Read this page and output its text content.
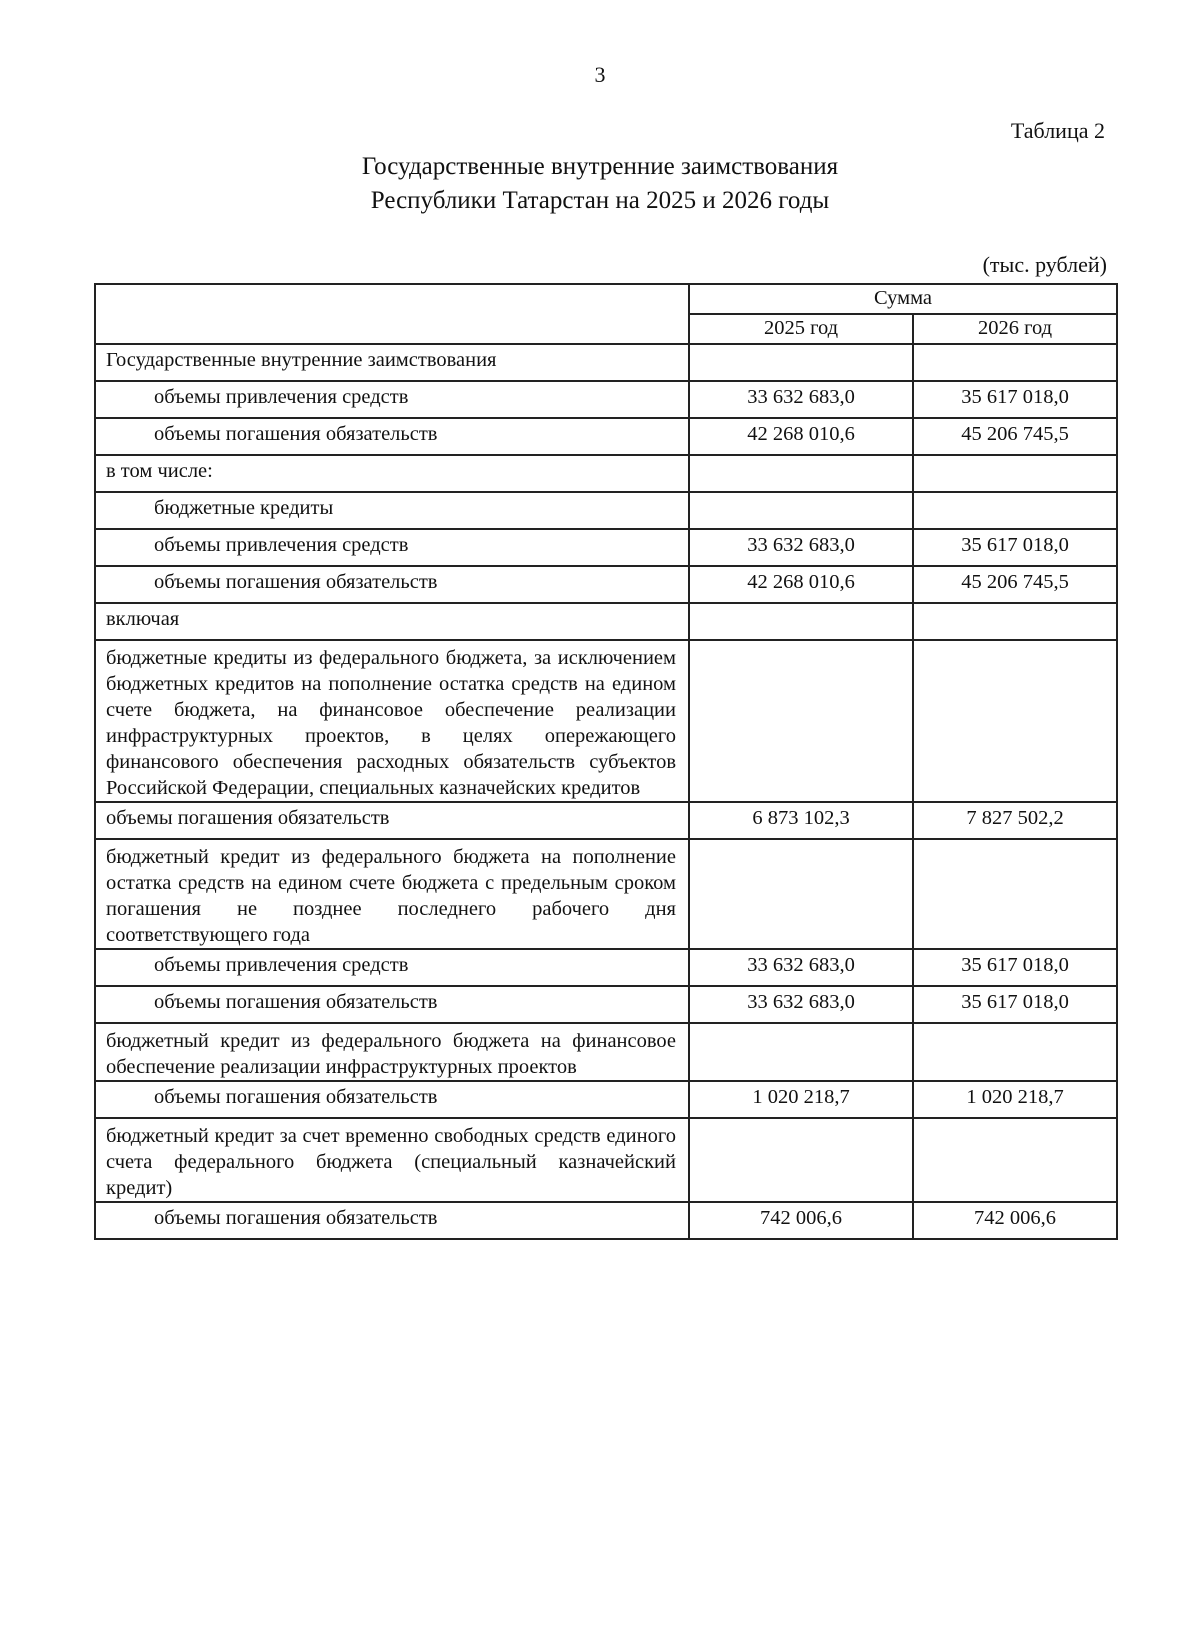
3
Таблица 2
Государственные внутренние заимствования
Республики Татарстан на 2025 и 2026 годы
(тыс. рублей)
	Сумма	
	2025 год	2026 год
Государственные внутренние заимствования		
объемы привлечения средств	33 632 683,0	35 617 018,0
объемы погашения обязательств	42 268 010,6	45 206 745,5
в том числе:		
бюджетные кредиты		
объемы привлечения средств	33 632 683,0	35 617 018,0
объемы погашения обязательств	42 268 010,6	45 206 745,5
включая		
бюджетные кредиты из федерального бюджета, за исключением бюджетных кредитов на пополнение остатка средств на едином счете бюджета, на финансовое обеспечение реализации инфраструктурных проектов, в целях опережающего финансового обеспечения расходных обязательств субъектов Российской Федерации, специальных казначейских кредитов		
объемы погашения обязательств	6 873 102,3	7 827 502,2
бюджетный кредит из федерального бюджета на пополнение остатка средств на едином счете бюджета с предельным сроком погашения не позднее последнего рабочего дня соответствующего года		
объемы привлечения средств	33 632 683,0	35 617 018,0
объемы погашения обязательств	33 632 683,0	35 617 018,0
бюджетный кредит из федерального бюджета на финансовое обеспечение реализации инфраструктурных проектов		
объемы погашения обязательств	1 020 218,7	1 020 218,7
бюджетный кредит за счет временно свободных средств единого счета федерального бюджета (специальный казначейский кредит)		
объемы погашения обязательств	742 006,6	742 006,6
